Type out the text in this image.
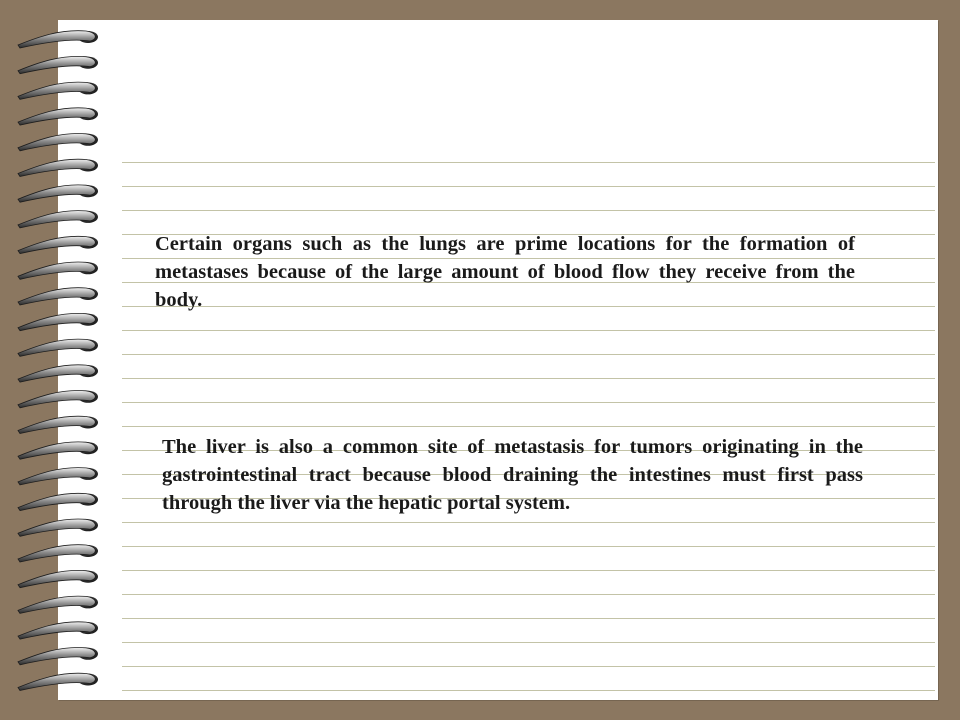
Certain organs such as the lungs are prime locations for the formation of metastases because of the large amount of blood flow they receive from the body.

The liver is also a common site of metastasis for tumors originating in the gastrointestinal tract because blood draining the intestines must first pass through the liver via the hepatic portal system.
